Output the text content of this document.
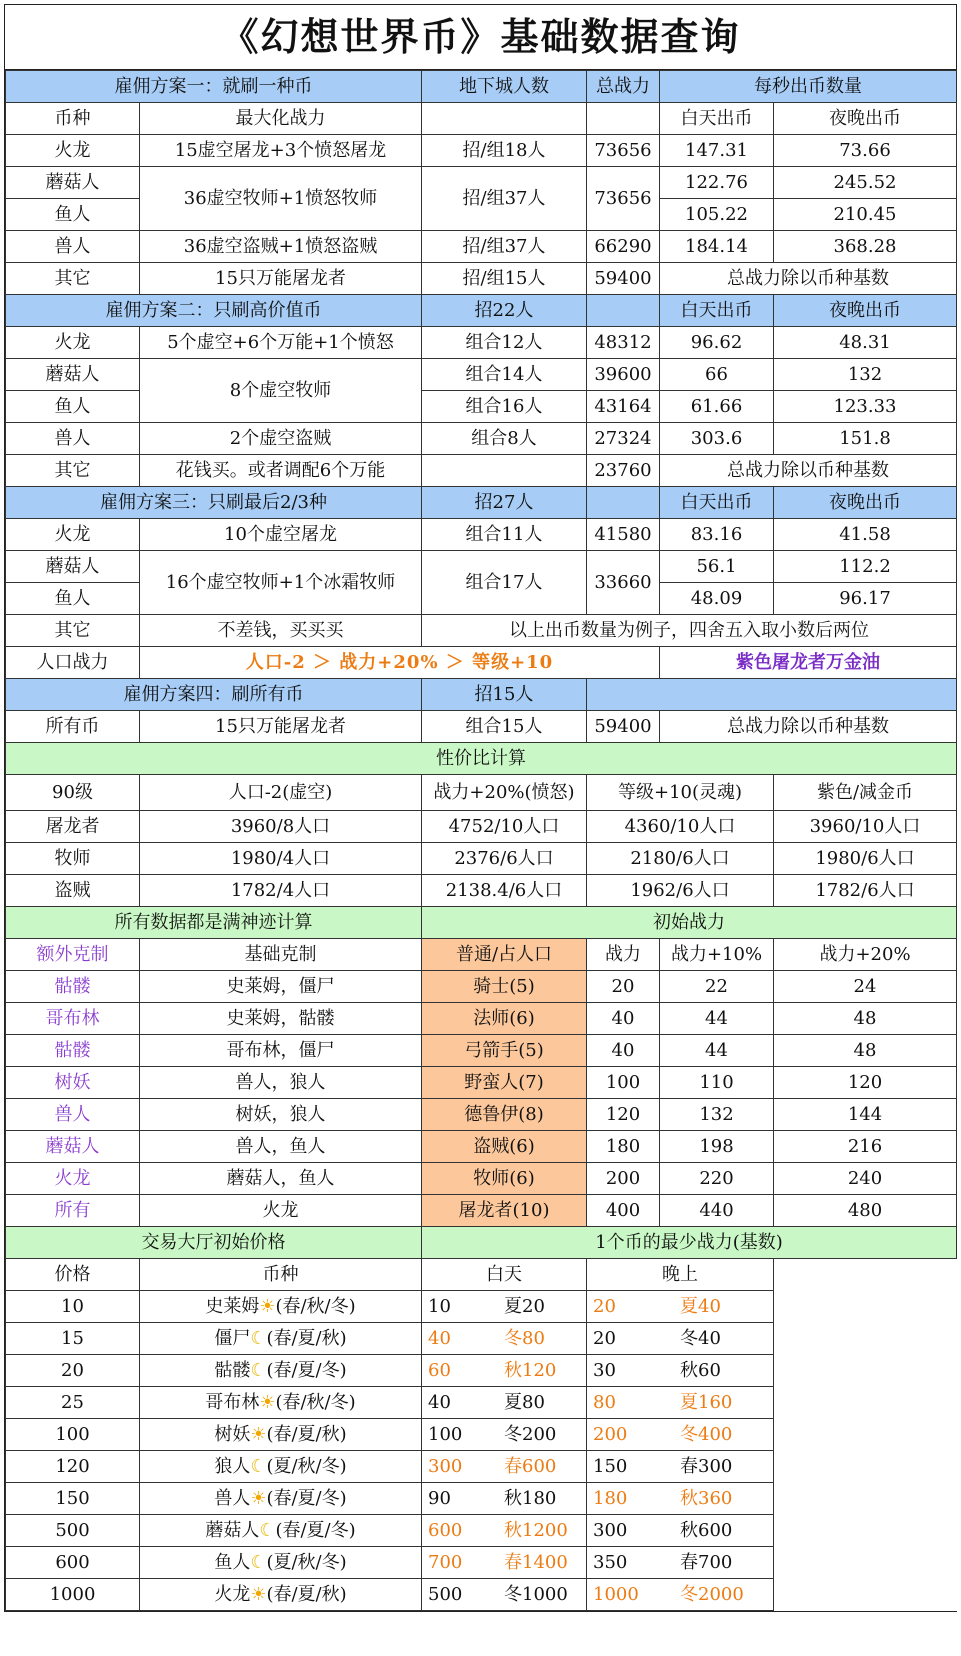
《幻想世界币》基础数据查询
雇佣方案一：就刷一种币		地下城人数	总战力	每秒出币数量	
币种	最大化战力			白天出币	夜晚出币
火龙	15虚空屠龙+3个愤怒屠龙	招/组18人	73656	147.31	73.66
蘑菇人	36虚空牧师+1愤怒牧师	招/组37人	73656	122.76	245.52
鱼人				105.22	210.45
兽人	36虚空盗贼+1愤怒盗贼	招/组37人	66290	184.14	368.28
其它	15只万能屠龙者	招/组15人	59400	总战力除以币种基数	
雇佣方案二：只刷高价值币		招22人		白天出币	夜晚出币
火龙	5个虚空+6个万能+1个愤怒	组合12人	48312	96.62	48.31
蘑菇人	8个虚空牧师	组合14人	39600	66	132
鱼人		组合16人	43164	61.66	123.33
兽人	2个虚空盗贼	组合8人	27324	303.6	151.8
其它	花钱买。或者调配6个万能		23760	总战力除以币种基数	
雇佣方案三：只刷最后2/3种		招27人		白天出币	夜晚出币
火龙	10个虚空屠龙	组合11人	41580	83.16	41.58
蘑菇人	16个虚空牧师+1个冰霜牧师	组合17人	33660	56.1	112.2
鱼人				48.09	96.17
其它	不差钱，买买买	以上出币数量为例子，四舍五入取小数后两位			
人口战力	人口-2 ＞ 战力+20% ＞ 等级+10			紫色屠龙者万金油	
雇佣方案四：刷所有币		招15人			
所有币	15只万能屠龙者	组合15人	59400	总战力除以币种基数	
性价比计算					
90级	人口-2(虚空)	战力+20%(愤怒)	等级+10(灵魂)		紫色/减金币
屠龙者	3960/8人口	4752/10人口	4360/10人口		3960/10人口
牧师	1980/4人口	2376/6人口	2180/6人口		1980/6人口
盗贼	1782/4人口	2138.4/6人口	1962/6人口		1782/6人口
所有数据都是满神迹计算		初始战力			
额外克制	基础克制	普通/占人口	战力	战力+10%	战力+20%
骷髅	史莱姆，僵尸	骑士(5)	20	22	24
哥布林	史莱姆，骷髅	法师(6)	40	44	48
骷髅	哥布林，僵尸	弓箭手(5)	40	44	48
树妖	兽人，狼人	野蛮人(7)	100	110	120
兽人	树妖，狼人	德鲁伊(8)	120	132	144
蘑菇人	兽人，鱼人	盗贼(6)	180	198	216
火龙	蘑菇人，鱼人	牧师(6)	200	220	240
所有	火龙	屠龙者(10)	400	440	480
交易大厅初始价格		1个币的最少战力(基数)			
价格	币种	白天	晚上		
10	史莱姆☀(春/秋/冬)	10 夏20	20 夏40		

15	僵尸☾(春/夏/秋)	40 冬80	20 冬40		

20	骷髅☾(春/夏/冬)	60 秋120	30 秋60		

25	哥布林☀(春/秋/冬)	40 夏80	80 夏160		

100	树妖☀(春/夏/秋)	100 冬200	200 冬400		

120	狼人☾(夏/秋/冬)	300 春600	150 春300		

150	兽人☀(春/夏/冬)	90 秋180	180 秋360		

500	蘑菇人☾(春/夏/冬)	600 秋1200	300 秋600		

600	鱼人☾(夏/秋/冬)	700 春1400	350 春700		

1000	火龙☀(春/夏/秋)	500 冬1000	1000 冬2000		
